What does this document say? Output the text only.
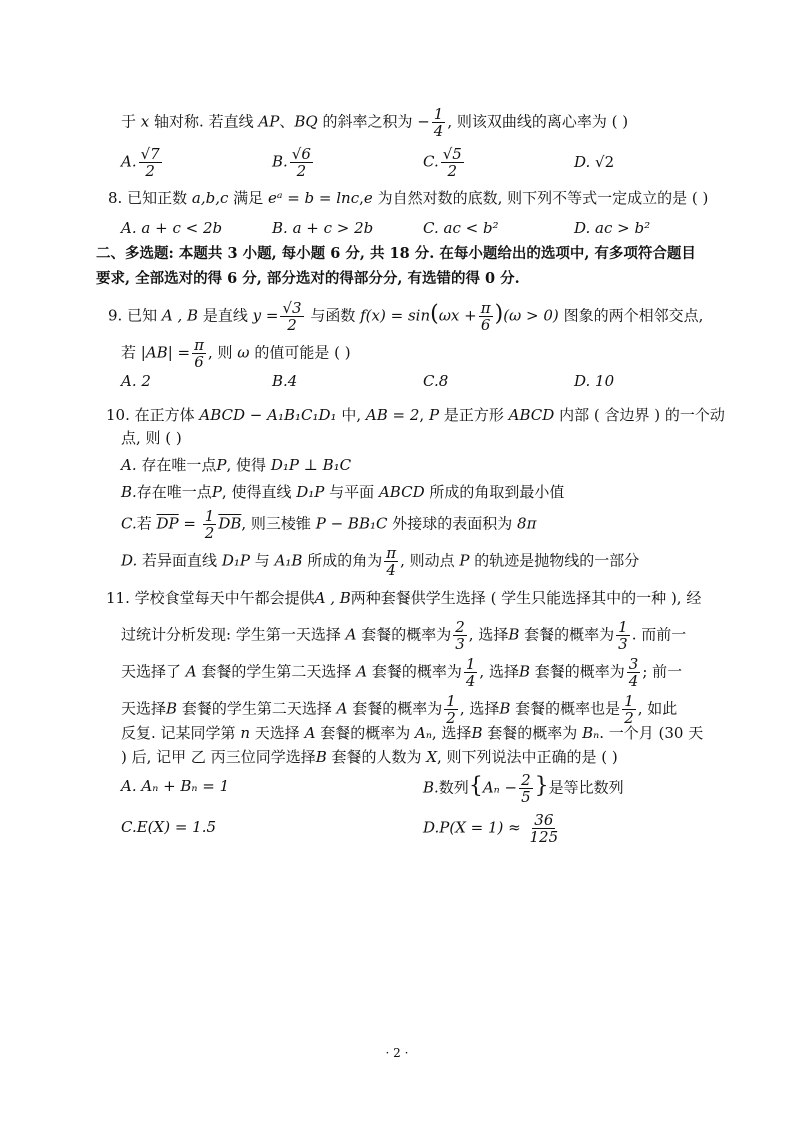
于 x 轴对称. 若直线 AP、BQ 的斜率之积为 − $\frac{1}{4}$ , 则该双曲线的离心率为 ( )
A. $\frac{√7}{2}$	B. $\frac{√6}{2}$	C. $\frac{√5}{2}$	D. √2
8. 已知正数 a,b,c 满足 eᵃ = b = lnc,e 为自然对数的底数, 则下列不等式一定成立的是 ( )
A. a + c < 2b	B. a + c > 2b	C. ac < b²	D. ac > b²
二、多选题: 本题共 3 小题, 每小题 6 分, 共 18 分. 在每小题给出的选项中, 有多项符合题目
要求, 全部选对的得 6 分, 部分选对的得部分分, 有选错的得 0 分.
9. 已知 A , B 是直线 $y = \frac{√3}{2}$ 与函数 $f(x) = \sin(\omega x + \frac{\pi}{6} )(\omega > 0)$ 图象的两个相邻交点,
若 $|AB| = \frac{\pi}{6}$ , 则 ω 的值可能是 ( )
A. 2	B.4	C.8	D. 10
10. 在正方体 ABCD − A₁B₁C₁D₁ 中, AB = 2, P 是正方形 ABCD 内部 ( 含边界 ) 的一个动
点, 则 ( )
A. 存在唯一点P, 使得 D₁P ⊥ B₁C
B.存在唯一点P, 使得直线 D₁P 与平面 ABCD 所成的角取到最小值
C.若 $\overline{DP} = \frac{1}{2} \overline{DB}$, 则三棱锥 P − BB₁C 外接球的表面积为 8π
D. 若异面直线 D₁P 与 A₁B 所成的角为 $\frac{\pi}{4}$ , 则动点 P 的轨迹是抛物线的一部分
11. 学校食堂每天中午都会提供A , B两种套餐供学生选择 ( 学生只能选择其中的一种 ), 经
过统计分析发现: 学生第一天选择 A 套餐的概率为 $\frac{2}{3}$ , 选择B 套餐的概率为 $\frac{1}{3}$ . 而前一
天选择了 A 套餐的学生第二天选择 A 套餐的概率为 $\frac{1}{4}$ , 选择B 套餐的概率为 $\frac{3}{4}$ ; 前一
天选择B 套餐的学生第二天选择 A 套餐的概率为 $\frac{1}{2}$ , 选择B 套餐的概率也是 $\frac{1}{2}$ , 如此
反复. 记某同学第 n 天选择 A 套餐的概率为 Aₙ, 选择B 套餐的概率为 Bₙ. 一个月 (30 天
) 后, 记甲 乙 丙三位同学选择B 套餐的人数为 X, 则下列说法中正确的是 ( )
A. Aₙ + Bₙ = 1	B.数列{$A_n - \frac{2}{5}$ }是等比数列
C.E(X) = 1.5	$D.P(X = 1) \approx \frac{36}{125}$
· 2 ·
